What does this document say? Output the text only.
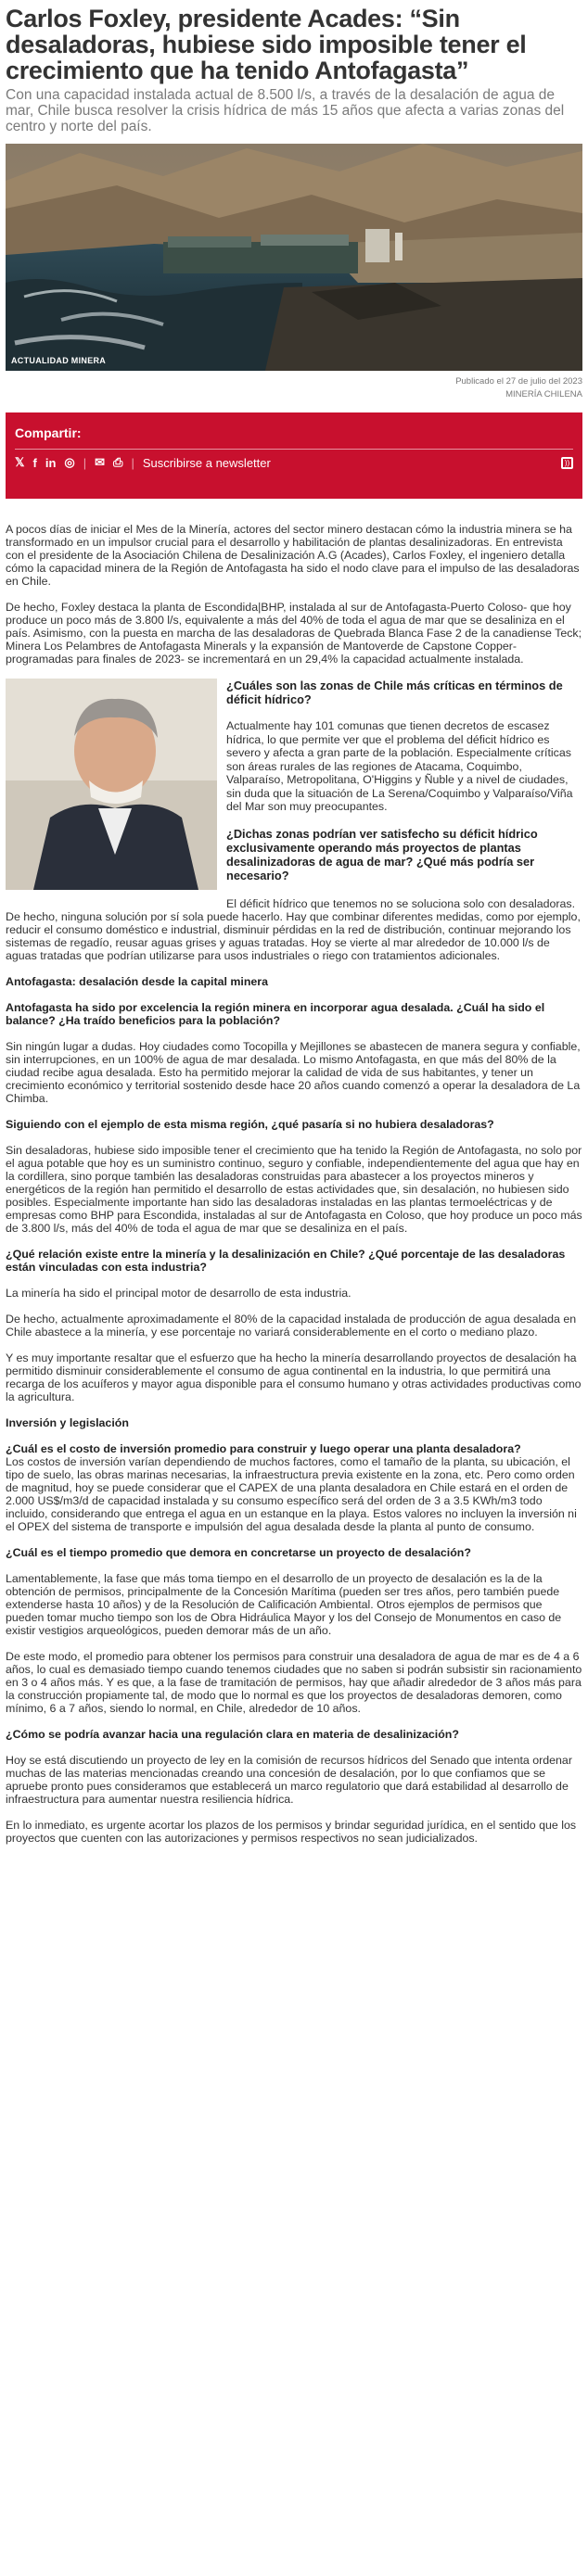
Carlos Foxley, presidente Acades: “Sin desaladoras, hubiese sido imposible tener el crecimiento que ha tenido Antofagasta”

Con una capacidad instalada actual de 8.500 l/s, a través de la desalación de agua de mar, Chile busca resolver la crisis hídrica de más 15 años que afecta a varias zonas del centro y norte del país.

ACTUALIDAD MINERA
Publicado el 27 de julio del 2023
MINERÍA CHILENA
Compartir:
𝕏 f in ◎ | ✉ ⎙ | Suscribirse a newsletter	))

A pocos días de iniciar el Mes de la Minería, actores del sector minero destacan cómo la industria minera se ha transformado en un impulsor crucial para el desarrollo y habilitación de plantas desalinizadoras. En entrevista con el presidente de la Asociación Chilena de Desalinización A.G (Acades), Carlos Foxley, el ingeniero detalla cómo la capacidad minera de la Región de Antofagasta ha sido el nodo clave para el impulso de las desaladoras en Chile.

De hecho, Foxley destaca la planta de Escondida|BHP, instalada al sur de Antofagasta-Puerto Coloso- que hoy produce un poco más de 3.800 l/s, equivalente a más del 40% de toda el agua de mar que se desaliniza en el país. Asimismo, con la puesta en marcha de las desaladoras de Quebrada Blanca Fase 2 de la canadiense Teck; Minera Los Pelambres de Antofagasta Minerals y la expansión de Mantoverde de Capstone Copper- programadas para finales de 2023- se incrementará en un 29,4% la capacidad actualmente instalada.

¿Cuáles son las zonas de Chile más críticas en términos de déficit hídrico?

Actualmente hay 101 comunas que tienen decretos de escasez hídrica, lo que permite ver que el problema del déficit hídrico es severo y afecta a gran parte de la población. Especialmente críticas son áreas rurales de las regiones de Atacama, Coquimbo, Valparaíso, Metropolitana, O'Higgins y Ñuble y a nivel de ciudades, sin duda que la situación de La Serena/Coquimbo y Valparaíso/Viña del Mar son muy preocupantes.

¿Dichas zonas podrían ver satisfecho su déficit hídrico exclusivamente operando más proyectos de plantas desalinizadoras de agua de mar? ¿Qué más podría ser necesario?

El déficit hídrico que tenemos no se soluciona solo con desaladoras. De hecho, ninguna solución por sí sola puede hacerlo. Hay que combinar diferentes medidas, como por ejemplo, reducir el consumo doméstico e industrial, disminuir pérdidas en la red de distribución, continuar mejorando los sistemas de regadío, reusar aguas grises y aguas tratadas. Hoy se vierte al mar alrededor de 10.000 l/s de aguas tratadas que podrían utilizarse para usos industriales o riego con tratamientos adicionales.

Antofagasta: desalación desde la capital minera
Antofagasta ha sido por excelencia la región minera en incorporar agua desalada. ¿Cuál ha sido el balance? ¿Ha traído beneficios para la población?

Sin ningún lugar a dudas. Hoy ciudades como Tocopilla y Mejillones se abastecen de manera segura y confiable, sin interrupciones, en un 100% de agua de mar desalada. Lo mismo Antofagasta, en que más del 80% de la ciudad recibe agua desalada. Esto ha permitido mejorar la calidad de vida de sus habitantes, y tener un crecimiento económico y territorial sostenido desde hace 20 años cuando comenzó a operar la desaladora de La Chimba.

Siguiendo con el ejemplo de esta misma región, ¿qué pasaría si no hubiera desaladoras?

Sin desaladoras, hubiese sido imposible tener el crecimiento que ha tenido la Región de Antofagasta, no solo por el agua potable que hoy es un suministro continuo, seguro y confiable, independientemente del agua que hay en la cordillera, sino porque también las desaladoras construidas para abastecer a los proyectos mineros y energéticos de la región han permitido el desarrollo de estas actividades que, sin desalación, no hubiesen sido posibles. Especialmente importante han sido las desaladoras instaladas en las plantas termoeléctricas y de empresas como BHP para Escondida, instaladas al sur de Antofagasta en Coloso, que hoy produce un poco más de 3.800 l/s, más del 40% de toda el agua de mar que se desaliniza en el país.

¿Qué relación existe entre la minería y la desalinización en Chile? ¿Qué porcentaje de las desaladoras están vinculadas con esta industria?

La minería ha sido el principal motor de desarrollo de esta industria.

De hecho, actualmente aproximadamente el 80% de la capacidad instalada de producción de agua desalada en Chile abastece a la minería, y ese porcentaje no variará considerablemente en el corto o mediano plazo.

Y es muy importante resaltar que el esfuerzo que ha hecho la minería desarrollando proyectos de desalación ha permitido disminuir considerablemente el consumo de agua continental en la industria, lo que permitirá una recarga de los acuíferos y mayor agua disponible para el consumo humano y otras actividades productivas como la agricultura.

Inversión y legislación
¿Cuál es el costo de inversión promedio para construir y luego operar una planta desaladora?

Los costos de inversión varían dependiendo de muchos factores, como el tamaño de la planta, su ubicación, el tipo de suelo, las obras marinas necesarias, la infraestructura previa existente en la zona, etc. Pero como orden de magnitud, hoy se puede considerar que el CAPEX de una planta desaladora en Chile estará en el orden de 2.000 US$/m3/d de capacidad instalada y su consumo específico será del orden de 3 a 3.5 KWh/m3 todo incluido, considerando que entrega el agua en un estanque en la playa. Estos valores no incluyen la inversión ni el OPEX del sistema de transporte e impulsión del agua desalada desde la planta al punto de consumo.

¿Cuál es el tiempo promedio que demora en concretarse un proyecto de desalación?

Lamentablemente, la fase que más toma tiempo en el desarrollo de un proyecto de desalación es la de la obtención de permisos, principalmente de la Concesión Marítima (pueden ser tres años, pero también puede extenderse hasta 10 años) y de la Resolución de Calificación Ambiental. Otros ejemplos de permisos que pueden tomar mucho tiempo son los de Obra Hidráulica Mayor y los del Consejo de Monumentos en caso de existir vestigios arqueológicos, pueden demorar más de un año.

De este modo, el promedio para obtener los permisos para construir una desaladora de agua de mar es de 4 a 6 años, lo cual es demasiado tiempo cuando tenemos ciudades que no saben si podrán subsistir sin racionamiento en 3 o 4 años más. Y es que, a la fase de tramitación de permisos, hay que añadir alrededor de 3 años más para la construcción propiamente tal, de modo que lo normal es que los proyectos de desaladoras demoren, como mínimo, 6 a 7 años, siendo lo normal, en Chile, alrededor de 10 años.

¿Cómo se podría avanzar hacia una regulación clara en materia de desalinización?

Hoy se está discutiendo un proyecto de ley en la comisión de recursos hídricos del Senado que intenta ordenar muchas de las materias mencionadas creando una concesión de desalación, por lo que confiamos que se apruebe pronto pues consideramos que establecerá un marco regulatorio que dará estabilidad al desarrollo de infraestructura para aumentar nuestra resiliencia hídrica.

En lo inmediato, es urgente acortar los plazos de los permisos y brindar seguridad jurídica, en el sentido que los proyectos que cuenten con las autorizaciones y permisos respectivos no sean judicializados.
